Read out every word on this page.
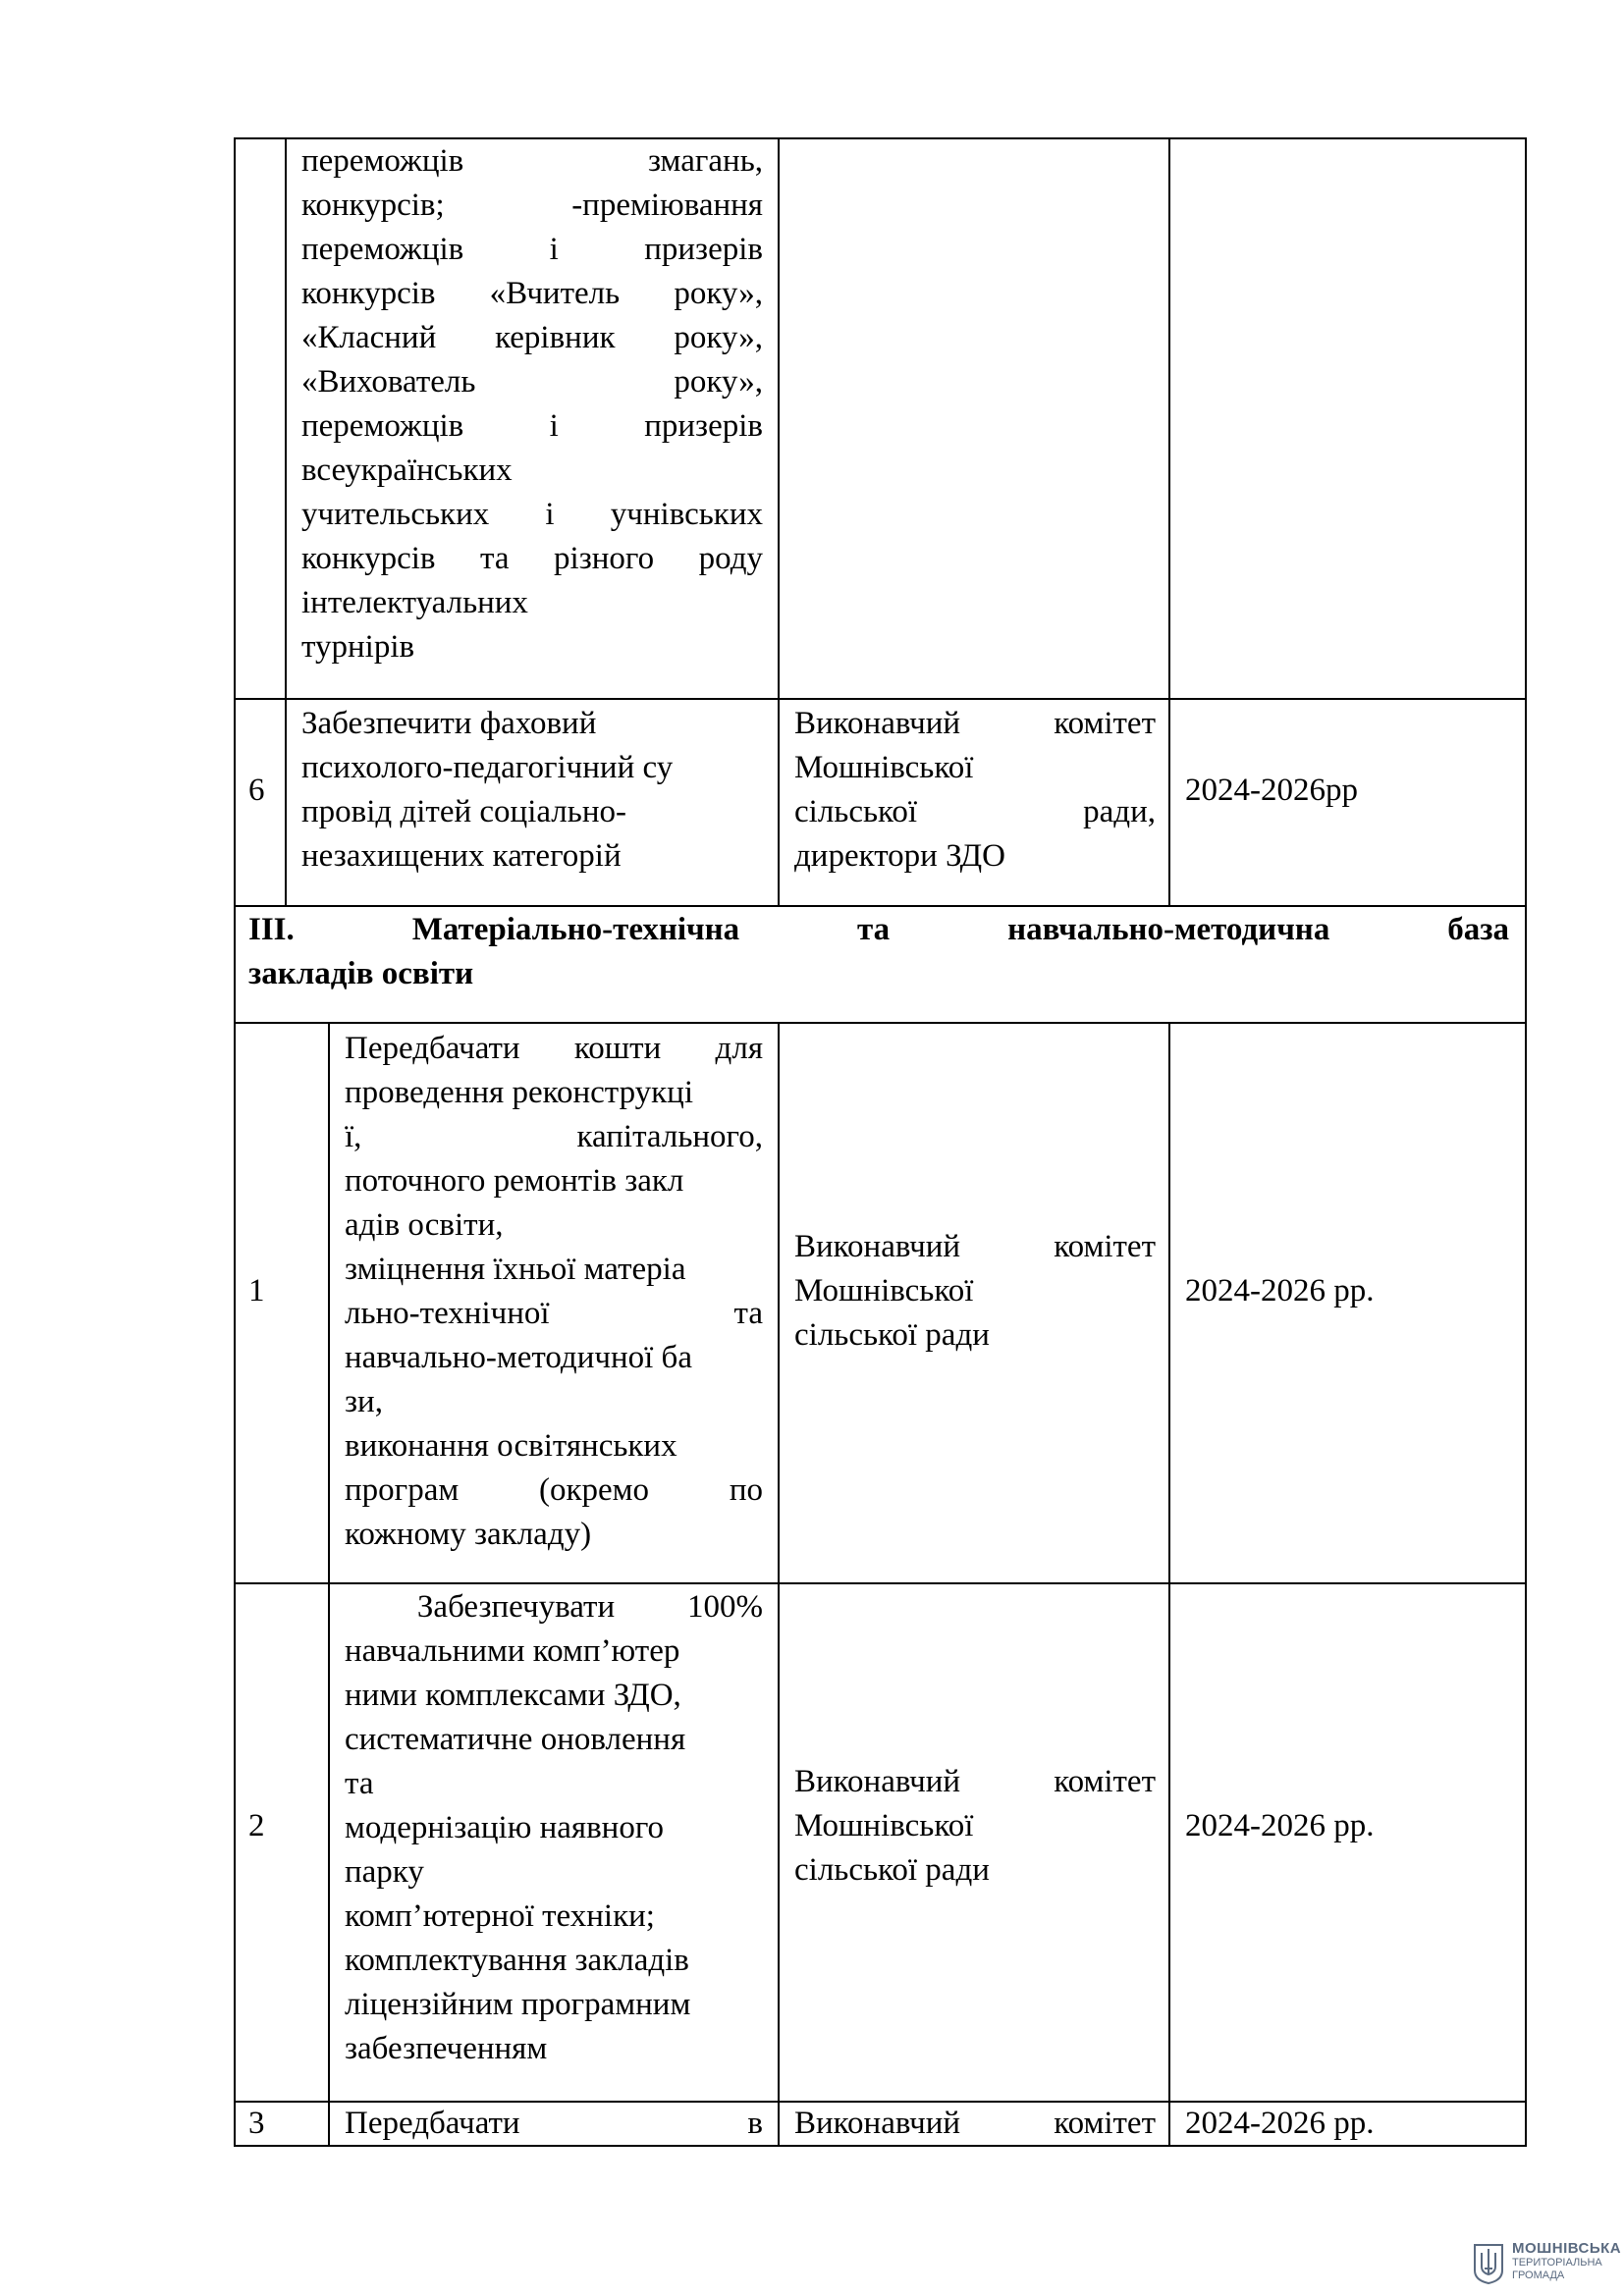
переможців змагань,
конкурсів; -преміювання
переможців і призерів
конкурсів «Вчитель року»,
«Класний керівник року»,
«Вихователь року»,
переможців і призерів
всеукраїнських
учительських і учнівських
конкурсів та різного роду
інтелектуальних
турнірів
6
Забезпечити фаховий
психолого-педагогічний су
провід дітей соціально-
незахищених категорій
Виконавчий комітет
Мошнівської
сільської ради,
директори ЗДО
2024-2026рр
ІІІ. Матеріально-технічна та навчально-методична база
закладів освіти
1
Передбачати кошти для
проведення реконструкці
ї, капітального,
поточного ремонтів закл
адів освіти,
зміцнення їхньої матеріа
льно-технічної та
навчально-методичної ба
зи,
виконання освітянських
програм (окремо по
кожному закладу)
Виконавчий комітет
Мошнівської
сільської ради
2024-2026 рр.
2
Забезпечувати 100%
навчальними комп’ютер
ними комплексами ЗДО,
систематичне оновлення
та
модернізацію наявного
парку
комп’ютерної техніки;
комплектування закладів
ліцензійним програмним
забезпеченням
Виконавчий комітет
Мошнівської
сільської ради
2024-2026 рр.
3 Передбачати в Виконавчий комітет 2024-2026 рр.
МОШНІВСЬКА
ТЕРИТОРІАЛЬНА
ГРОМАДА
